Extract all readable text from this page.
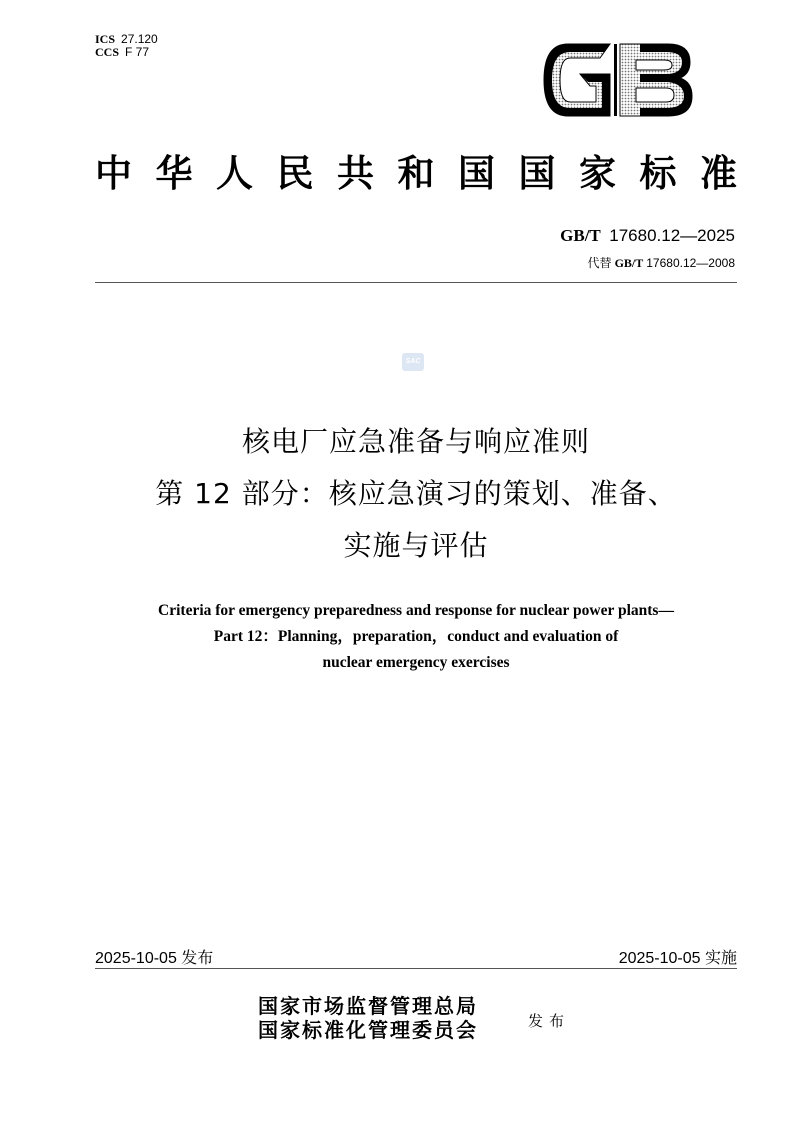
ICS 27.120
CCS F 77
中 华 人 民 共 和 国 国 家 标 准
GB/T 17680.12—2025
代替 GB/T 17680.12—2008
SAC
核电厂应急准备与响应准则
第 12 部分：核应急演习的策划、准备、
实施与评估
Criteria for emergency preparedness and response for nuclear power plants—
Part 12：Planning，preparation，conduct and evaluation of
nuclear emergency exercises
2025-10-05 发布	2025-10-05 实施
国家市场监督管理总局
国家标准化管理委员会	发布
